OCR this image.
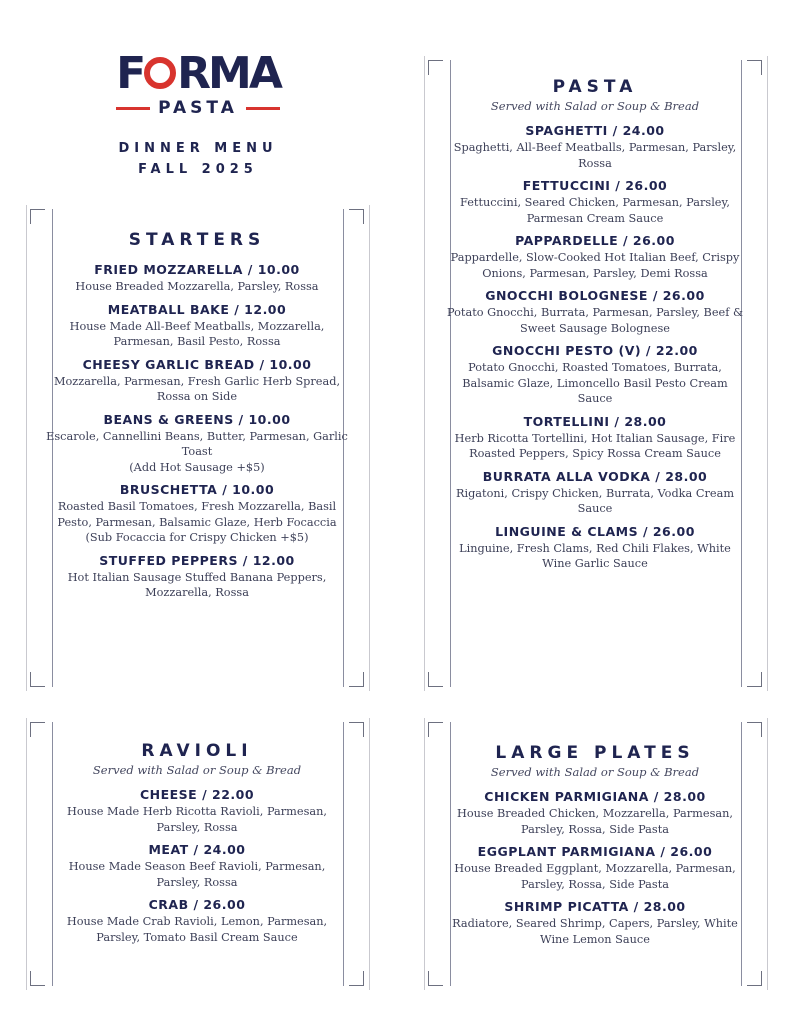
F RMA
PASTA
DINNER MENU
FALL 2025
STARTERS
FRIED MOZZARELLA / 10.00
House Breaded Mozzarella, Parsley, Rossa
MEATBALL BAKE / 12.00
House Made All-Beef Meatballs, Mozzarella, Parmesan, Basil Pesto, Rossa
CHEESY GARLIC BREAD / 10.00
Mozzarella, Parmesan, Fresh Garlic Herb Spread, Rossa on Side
BEANS & GREENS / 10.00
Escarole, Cannellini Beans, Butter, Parmesan, Garlic Toast
(Add Hot Sausage +$5)
BRUSCHETTA / 10.00
Roasted Basil Tomatoes, Fresh Mozzarella, Basil Pesto, Parmesan, Balsamic Glaze, Herb Focaccia
(Sub Focaccia for Crispy Chicken +$5)
STUFFED PEPPERS / 12.00
Hot Italian Sausage Stuffed Banana Peppers, Mozzarella, Rossa
PASTA
Served with Salad or Soup & Bread
SPAGHETTI / 24.00
Spaghetti, All-Beef Meatballs, Parmesan, Parsley, Rossa
FETTUCCINI / 26.00
Fettuccini, Seared Chicken, Parmesan, Parsley, Parmesan Cream Sauce
PAPPARDELLE / 26.00
Pappardelle, Slow-Cooked Hot Italian Beef, Crispy Onions, Parmesan, Parsley, Demi Rossa
GNOCCHI BOLOGNESE / 26.00
Potato Gnocchi, Burrata, Parmesan, Parsley, Beef & Sweet Sausage Bolognese
GNOCCHI PESTO (V) / 22.00
Potato Gnocchi, Roasted Tomatoes, Burrata, Balsamic Glaze, Limoncello Basil Pesto Cream Sauce
TORTELLINI / 28.00
Herb Ricotta Tortellini, Hot Italian Sausage, Fire Roasted Peppers, Spicy Rossa Cream Sauce
BURRATA ALLA VODKA / 28.00
Rigatoni, Crispy Chicken, Burrata, Vodka Cream Sauce
LINGUINE & CLAMS / 26.00
Linguine, Fresh Clams, Red Chili Flakes, White Wine Garlic Sauce
RAVIOLI
Served with Salad or Soup & Bread
CHEESE / 22.00
House Made Herb Ricotta Ravioli, Parmesan, Parsley, Rossa
MEAT / 24.00
House Made Season Beef Ravioli, Parmesan, Parsley, Rossa
CRAB / 26.00
House Made Crab Ravioli, Lemon, Parmesan, Parsley, Tomato Basil Cream Sauce
LARGE PLATES
Served with Salad or Soup & Bread
CHICKEN PARMIGIANA / 28.00
House Breaded Chicken, Mozzarella, Parmesan, Parsley, Rossa, Side Pasta
EGGPLANT PARMIGIANA / 26.00
House Breaded Eggplant, Mozzarella, Parmesan, Parsley, Rossa, Side Pasta
SHRIMP PICATTA / 28.00
Radiatore, Seared Shrimp, Capers, Parsley, White Wine Lemon Sauce
